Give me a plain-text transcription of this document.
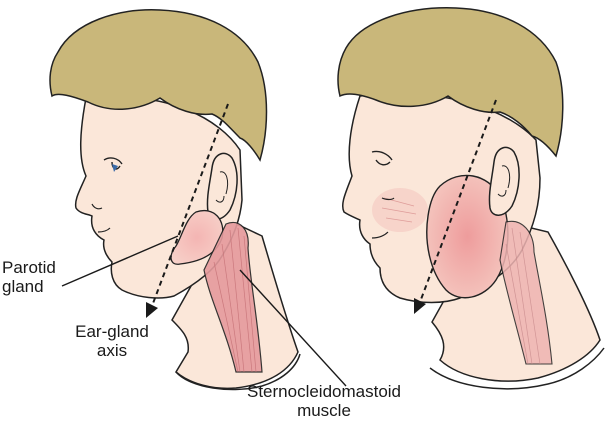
Parotid
gland
Ear-gland
axis
Sternocleidomastoid
muscle
